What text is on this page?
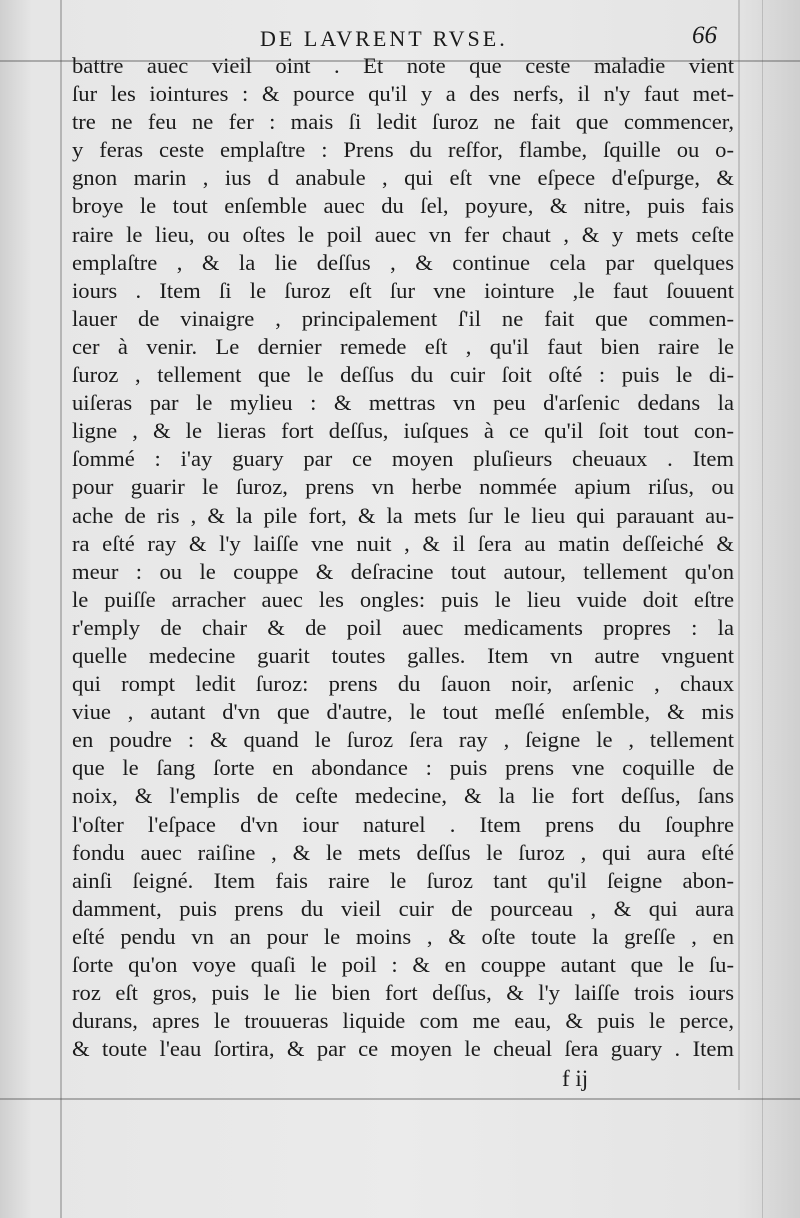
DE LAVRENT RVSE.	66
battre auec vieil oint . Et note que ceste maladie vient
ſur les iointures : & pource qu'il y a des nerfs, il n'y faut met-
tre ne feu ne fer : mais ſi ledit ſuroz ne fait que commencer,
y feras ceste emplaſtre : Prens du reſfor, flambe, ſquille ou o-
gnon marin , ius d anabule , qui eſt vne eſpece d'eſpurge, &
broye le tout enſemble auec du ſel, poyure, & nitre, puis fais
raire le lieu, ou oſtes le poil auec vn fer chaut , & y mets ceſte
emplaſtre , & la lie deſſus , & continue cela par quelques
iours . Item ſi le ſuroz eſt ſur vne iointure ,le faut ſouuent
lauer de vinaigre , principalement ſ'il ne fait que commen-
cer à venir. Le dernier remede eſt , qu'il faut bien raire le
ſuroz , tellement que le deſſus du cuir ſoit oſté : puis le di-
uiſeras par le mylieu : & mettras vn peu d'arſenic dedans la
ligne , & le lieras fort deſſus, iuſques à ce qu'il ſoit tout con-
ſommé : i'ay guary par ce moyen pluſieurs cheuaux . Item
pour guarir le ſuroz, prens vn herbe nommée apium riſus, ou
ache de ris , & la pile fort, & la mets ſur le lieu qui parauant au-
ra eſté ray & l'y laiſſe vne nuit , & il ſera au matin deſſeiché &
meur : ou le couppe & deſracine tout autour, tellement qu'on
le puiſſe arracher auec les ongles: puis le lieu vuide doit eſtre
r'emply de chair & de poil auec medicaments propres : la
quelle medecine guarit toutes galles. Item vn autre vnguent
qui rompt ledit ſuroz: prens du ſauon noir, arſenic , chaux
viue , autant d'vn que d'autre, le tout meſlé enſemble, & mis
en poudre : & quand le ſuroz ſera ray , ſeigne le , tellement
que le ſang ſorte en abondance : puis prens vne coquille de
noix, & l'emplis de ceſte medecine, & la lie fort deſſus, ſans
l'oſter l'eſpace d'vn iour naturel . Item prens du ſouphre
fondu auec raiſine , & le mets deſſus le ſuroz , qui aura eſté
ainſi ſeigné. Item fais raire le ſuroz tant qu'il ſeigne abon-
damment, puis prens du vieil cuir de pourceau , & qui aura
eſté pendu vn an pour le moins , & oſte toute la greſſe , en
ſorte qu'on voye quaſi le poil : & en couppe autant que le ſu-
roz eſt gros, puis le lie bien fort deſſus, & l'y laiſſe trois iours
durans, apres le trouueras liquide com me eau, & puis le perce,
& toute l'eau ſortira, & par ce moyen le cheual ſera guary . Item
f ij
